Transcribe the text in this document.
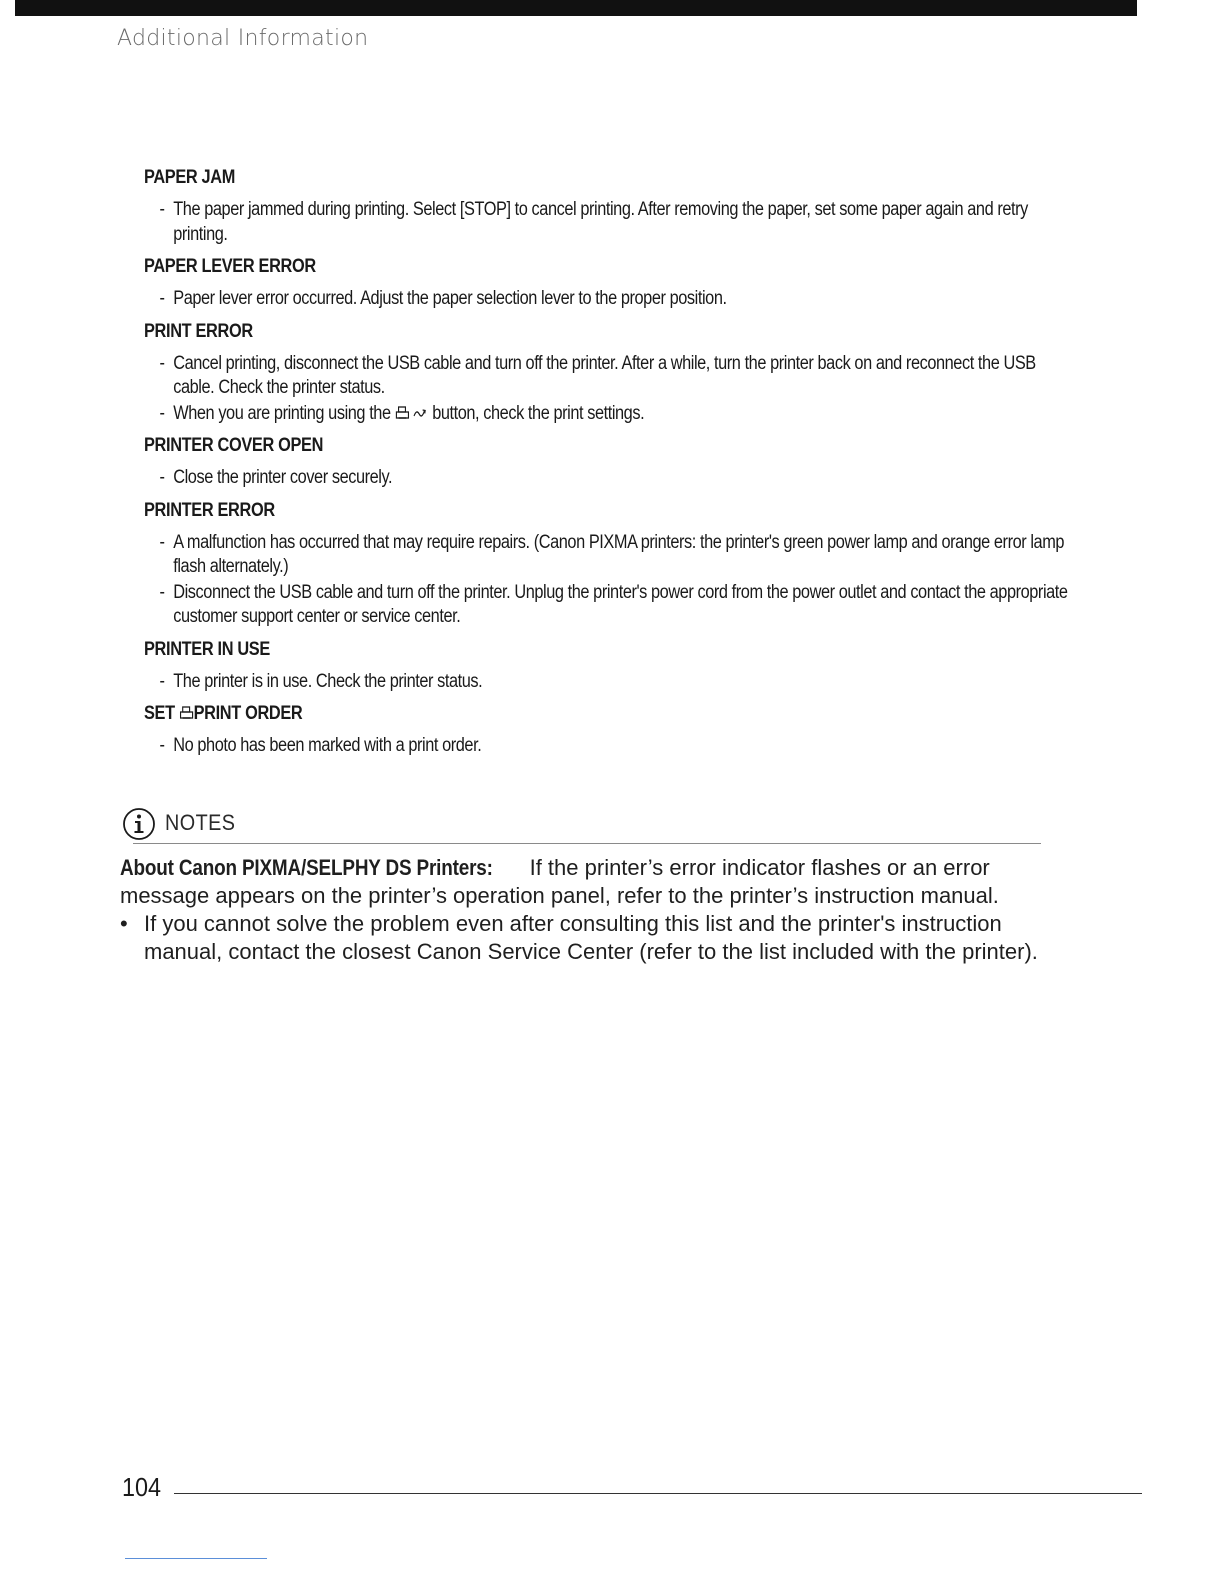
Additional Information
PAPER JAM
- The paper jammed during printing. Select [STOP] to cancel printing. After removing the paper, set some paper again and retry printing.
PAPER LEVER ERROR
- Paper lever error occurred. Adjust the paper selection lever to the proper position.
PRINT ERROR
- Cancel printing, disconnect the USB cable and turn off the printer. After a while, turn the printer back on and reconnect the USB cable. Check the printer status.
- When you are printing using the button, check the print settings.
PRINTER COVER OPEN
- Close the printer cover securely.
PRINTER ERROR
- A malfunction has occurred that may require repairs. (Canon PIXMA printers: the printer's green power lamp and orange error lamp flash alternately.)
- Disconnect the USB cable and turn off the printer. Unplug the printer's power cord from the power outlet and contact the appropriate customer support center or service center.
PRINTER IN USE
- The printer is in use. Check the printer status.
SET PRINT ORDER
- No photo has been marked with a print order.
NOTES

About Canon PIXMA/SELPHY DS Printers: If the printer’s error indicator flashes or an error message appears on the printer’s operation panel, refer to the printer’s instruction manual.

• If you cannot solve the problem even after consulting this list and the printer's instruction manual, contact the closest Canon Service Center (refer to the list included with the printer).

104
